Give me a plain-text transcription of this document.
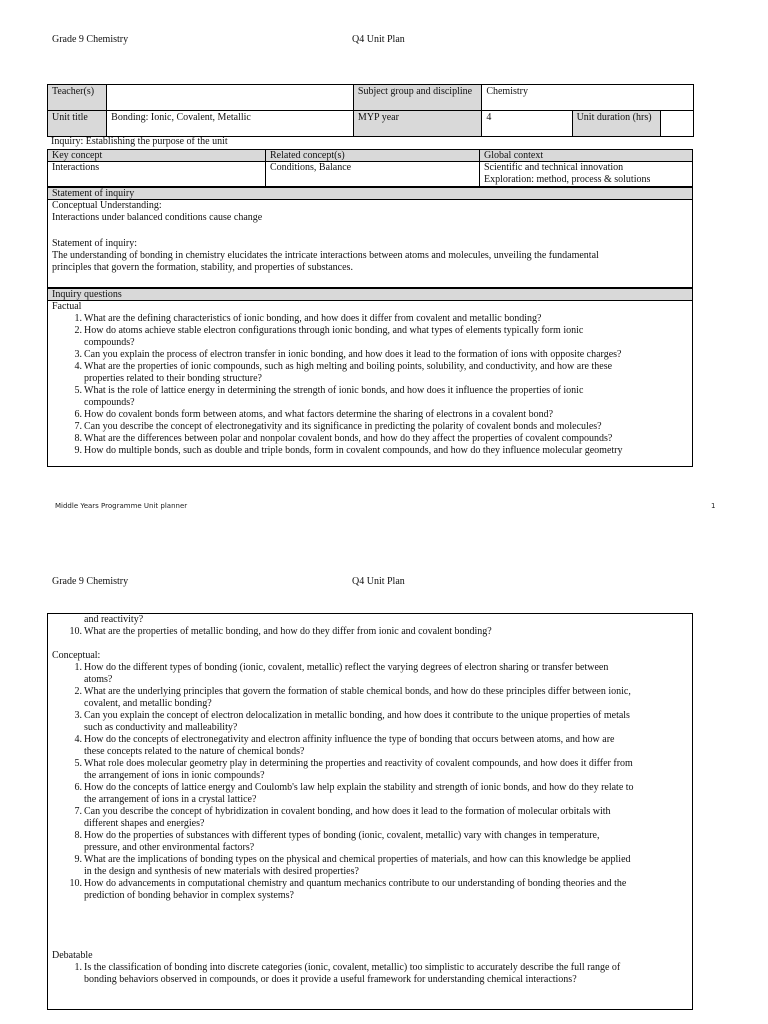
Grade 9 Chemistry	Q4 Unit Plan
Teacher(s)		Subject group and discipline	Chemistry		
Unit title	Bonding: Ionic, Covalent, Metallic	MYP year	4	Unit duration (hrs)	
Inquiry: Establishing the purpose of the unit
Key concept	Related concept(s)	Global context
Interactions	Conditions, Balance	Scientific and technical innovation
Exploration: method, process & solutions
Statement of inquiry
Conceptual Understanding:
Interactions under balanced conditions cause change
Statement of inquiry:
The understanding of bonding in chemistry elucidates the intricate interactions between atoms and molecules, unveiling the fundamental
principles that govern the formation, stability, and properties of substances.
Inquiry questions
Factual
1. What are the defining characteristics of ionic bonding, and how does it differ from covalent and metallic bonding?
2. How do atoms achieve stable electron configurations through ionic bonding, and what types of elements typically form ionic
compounds?
3. Can you explain the process of electron transfer in ionic bonding, and how does it lead to the formation of ions with opposite charges?
4. What are the properties of ionic compounds, such as high melting and boiling points, solubility, and conductivity, and how are these
properties related to their bonding structure?
5. What is the role of lattice energy in determining the strength of ionic bonds, and how does it influence the properties of ionic
compounds?
6. How do covalent bonds form between atoms, and what factors determine the sharing of electrons in a covalent bond?
7. Can you describe the concept of electronegativity and its significance in predicting the polarity of covalent bonds and molecules?
8. What are the differences between polar and nonpolar covalent bonds, and how do they affect the properties of covalent compounds?
9. How do multiple bonds, such as double and triple bonds, form in covalent compounds, and how do they influence molecular geometry
Middle Years Programme Unit planner	1
Grade 9 Chemistry	Q4 Unit Plan
and reactivity?
10. What are the properties of metallic bonding, and how do they differ from ionic and covalent bonding?
Conceptual:
1. How do the different types of bonding (ionic, covalent, metallic) reflect the varying degrees of electron sharing or transfer between
atoms?
2. What are the underlying principles that govern the formation of stable chemical bonds, and how do these principles differ between ionic,
covalent, and metallic bonding?
3. Can you explain the concept of electron delocalization in metallic bonding, and how does it contribute to the unique properties of metals
such as conductivity and malleability?
4. How do the concepts of electronegativity and electron affinity influence the type of bonding that occurs between atoms, and how are
these concepts related to the nature of chemical bonds?
5. What role does molecular geometry play in determining the properties and reactivity of covalent compounds, and how does it differ from
the arrangement of ions in ionic compounds?
6. How do the concepts of lattice energy and Coulomb's law help explain the stability and strength of ionic bonds, and how do they relate to
the arrangement of ions in a crystal lattice?
7. Can you describe the concept of hybridization in covalent bonding, and how does it lead to the formation of molecular orbitals with
different shapes and energies?
8. How do the properties of substances with different types of bonding (ionic, covalent, metallic) vary with changes in temperature,
pressure, and other environmental factors?
9. What are the implications of bonding types on the physical and chemical properties of materials, and how can this knowledge be applied
in the design and synthesis of new materials with desired properties?
10. How do advancements in computational chemistry and quantum mechanics contribute to our understanding of bonding theories and the
prediction of bonding behavior in complex systems?
Debatable
1. Is the classification of bonding into discrete categories (ionic, covalent, metallic) too simplistic to accurately describe the full range of
bonding behaviors observed in compounds, or does it provide a useful framework for understanding chemical interactions?
